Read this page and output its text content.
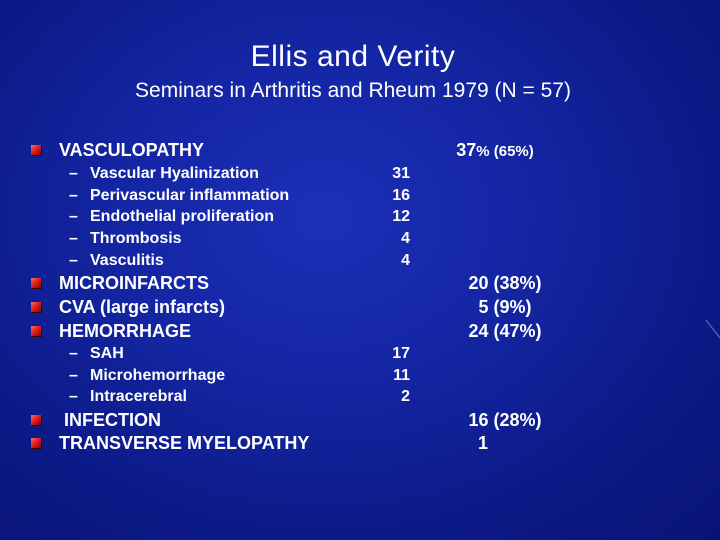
Ellis and Verity
Seminars in Arthritis and Rheum 1979 (N = 57)
VASCULOPATHY	37% (65%)
– Vascular Hyalinization	31
– Perivascular inflammation	16
– Endothelial proliferation	12
– Thrombosis	4
– Vasculitis	4
MICROINFARCTS	20 (38%)
CVA (large infarcts)	5 (9%)
HEMORRHAGE	24 (47%)
– SAH	17
– Microhemorrhage	11
– Intracerebral	2
INFECTION	16 (28%)
TRANSVERSE MYELOPATHY	1
